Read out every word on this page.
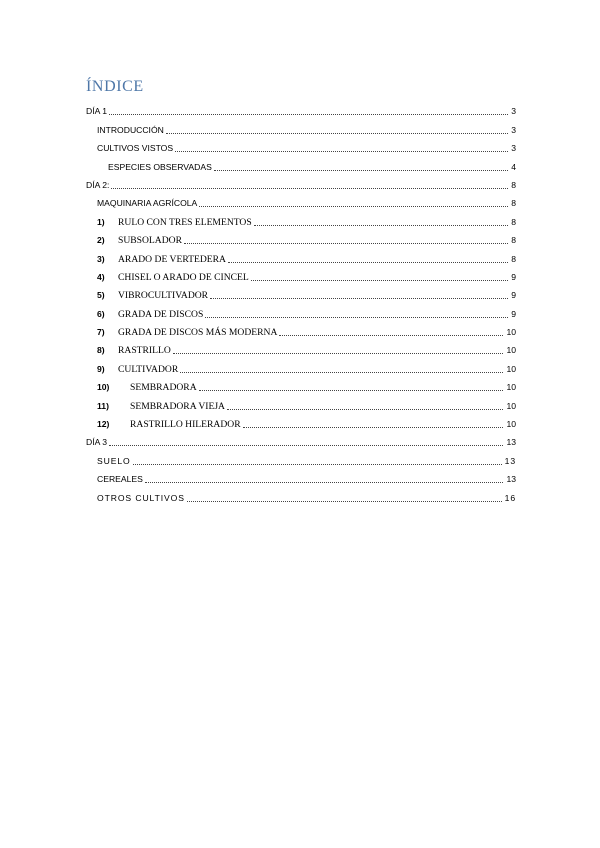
ÍNDICE
DÍA 1	3
INTRODUCCIÓN	3
CULTIVOS VISTOS	3
ESPECIES OBSERVADAS	4
DÍA 2:	8
MAQUINARIA AGRÍCOLA	8
1)	RULO CON TRES ELEMENTOS	8
2)	SUBSOLADOR	8
3)	ARADO DE VERTEDERA	8
4)	CHISEL O ARADO DE CINCEL	9
5)	VIBROCULTIVADOR	9
6)	GRADA DE DISCOS	9
7)	GRADA DE DISCOS MÁS MODERNA	10
8)	RASTRILLO	10
9)	CULTIVADOR	10
10)	SEMBRADORA	10
11)	SEMBRADORA VIEJA	10
12)	RASTRILLO HILERADOR	10
DÍA 3	13
SUELO	13
CEREALES	13
OTROS CULTIVOS	16
